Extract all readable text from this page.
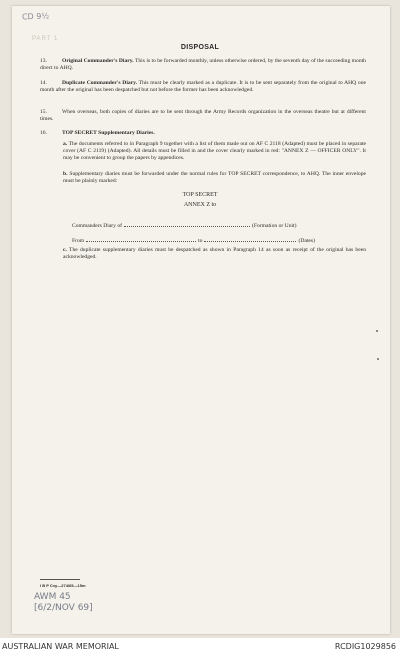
CD 9½
PART 1
DISPOSAL
13.	Original Commander's Diary. This is to be forwarded monthly, unless otherwise ordered, by the seventh day of the succeeding month direct to AHQ.
14.	Duplicate Commander's Diary. This must be clearly marked as a duplicate. It is to be sent separately from the original to AHQ one month after the original has been despatched but not before the former has been acknowledged.
15.	When overseas, both copies of diaries are to be sent through the Army Records organization in the overseas theatre but at different times.
16.	TOP SECRET Supplementary Diaries.
a. The documents referred to in Paragraph 9 together with a list of them made out on AF C 2118 (Adapted) must be placed in separate cover (AF C 2119) (Adapted). All details must be filled in and the cover clearly marked in red: "ANNEX Z — OFFICER ONLY". It may be convenient to group the papers by appendices.
b. Supplementary diaries must be forwarded under the normal rules for TOP SECRET correspondence, to AHQ. The inner envelope must be plainly marked:
TOP SECRET
ANNEX Z to
Commanders Diary of	(Formation or Unit)
From	to	(Dates)
c. The duplicate supplementary diaries must be despatched as shown in Paragraph 14 as soon as receipt of the original has been acknowledged.
I B P Cvy—274/65—15m
AWM 45
[6/2/NOV 69]
AUSTRALIAN WAR MEMORIAL	RCDIG1029856
